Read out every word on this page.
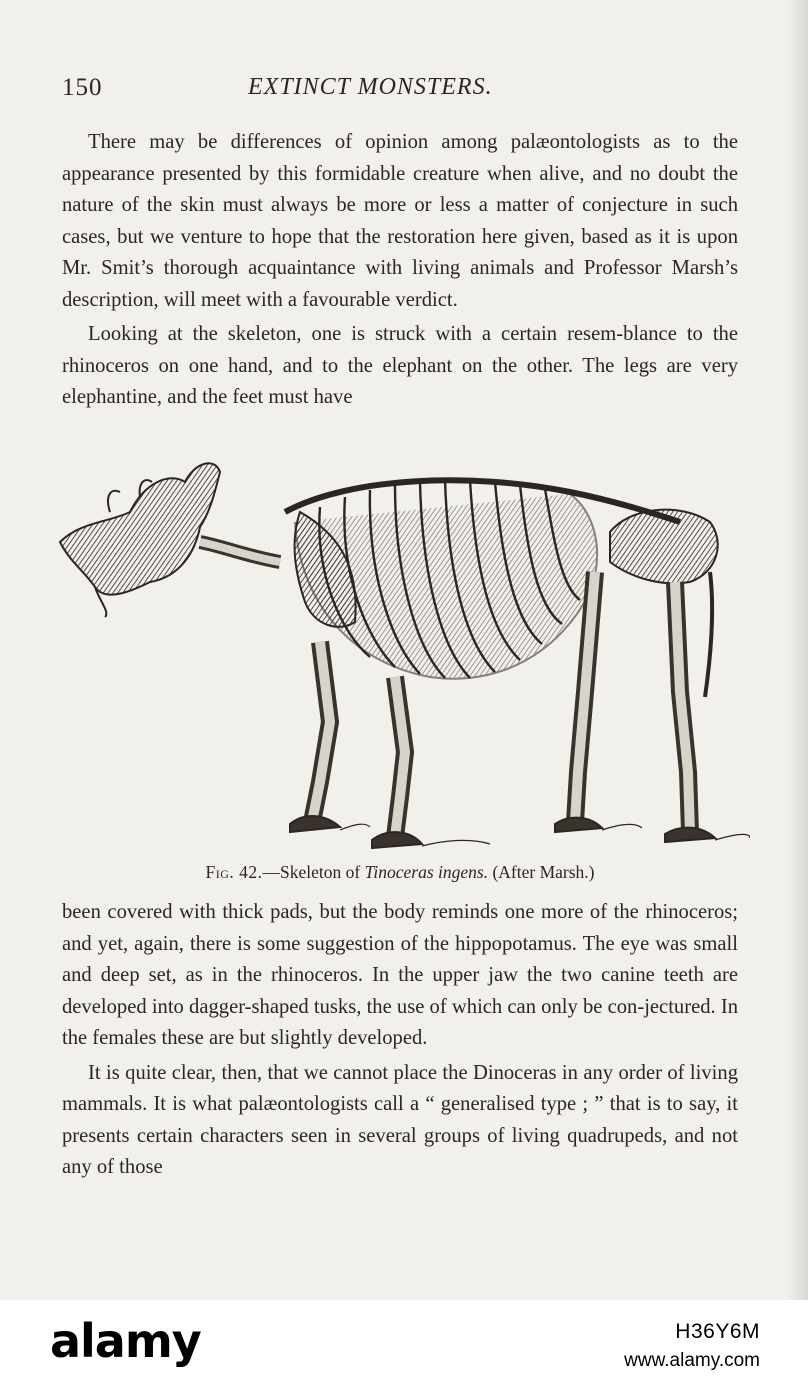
150	EXTINCT MONSTERS.

There may be differences of opinion among palæontologists as to the appearance presented by this formidable creature when alive, and no doubt the nature of the skin must always be more or less a matter of conjecture in such cases, but we venture to hope that the restoration here given, based as it is upon Mr. Smit’s thorough acquaintance with living animals and Professor Marsh’s description, will meet with a favourable verdict.

Looking at the skeleton, one is struck with a certain resem-blance to the rhinoceros on one hand, and to the elephant on the other. The legs are very elephantine, and the feet must have

Fig. 42.—Skeleton of Tinoceras ingens. (After Marsh.)

been covered with thick pads, but the body reminds one more of the rhinoceros; and yet, again, there is some suggestion of the hippopotamus. The eye was small and deep set, as in the rhinoceros. In the upper jaw the two canine teeth are developed into dagger-shaped tusks, the use of which can only be con-jectured. In the females these are but slightly developed.

It is quite clear, then, that we cannot place the Dinoceras in any order of living mammals. It is what palæontologists call a “ generalised type ; ” that is to say, it presents certain characters seen in several groups of living quadrupeds, and not any of those

alamy	H36Y6M
www.alamy.com
